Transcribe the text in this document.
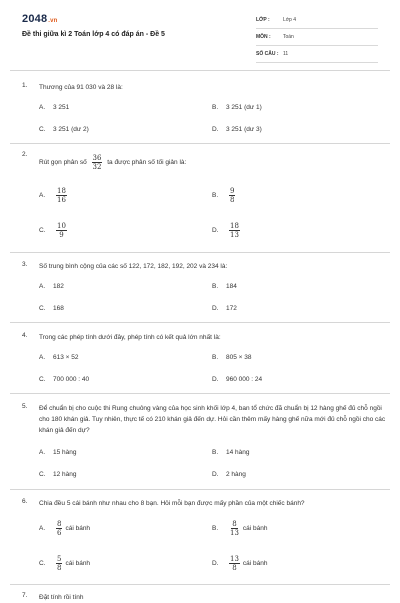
2048.vn
Đề thi giữa kì 2 Toán lớp 4 có đáp án - Đề 5
LỚP :	Lớp 4
MÔN : Toán
SỐ CÂU : 11
1. Thương của 91 030 và 28 là:
A. 3 251	B. 3 251 (dư 1)
C. 3 251 (dư 2)	D. 3 251 (dư 3)
2.
Rút gọn phân số $\frac{36}{32}$ ta được phân số tối giản là:
A. $\frac{18}{16}$	B. $\frac{9}{8}$
C. $\frac{10}{9}$	D. $\frac{18}{13}$
3. Số trung bình cộng của các số 122, 172, 182, 192, 202 và 234 là:
A. 182	B. 184
C. 168	D. 172
4. Trong các phép tính dưới đây, phép tính có kết quả lớn nhất là:
A. 613 × 52	B. 805 × 38
C. 700 000 : 40	D. 960 000 : 24
5. Để chuẩn bị cho cuộc thi Rung chuông vàng của học sinh khối lớp 4, ban tổ chức đã chuẩn bị 12 hàng ghế đủ chỗ ngồi cho 180 khán giả. Tuy nhiên, thực tế có 210 khán giả đến dự. Hỏi cần thêm mấy hàng ghế nữa mới đủ chỗ ngồi cho các khán giả đến dự?
A. 15 hàng	B. 14 hàng
C. 12 hàng	D. 2 hàng
6. Chia đều 5 cái bánh như nhau cho 8 bạn. Hỏi mỗi bạn được mấy phần của một chiếc bánh?
A. $\frac{8}{6}$ cái bánh	B. $\frac{8}{13}$ cái bánh
C. $\frac{5}{8}$ cái bánh	D. $\frac{13}{8}$ cái bánh
7. Đặt tính rồi tính
